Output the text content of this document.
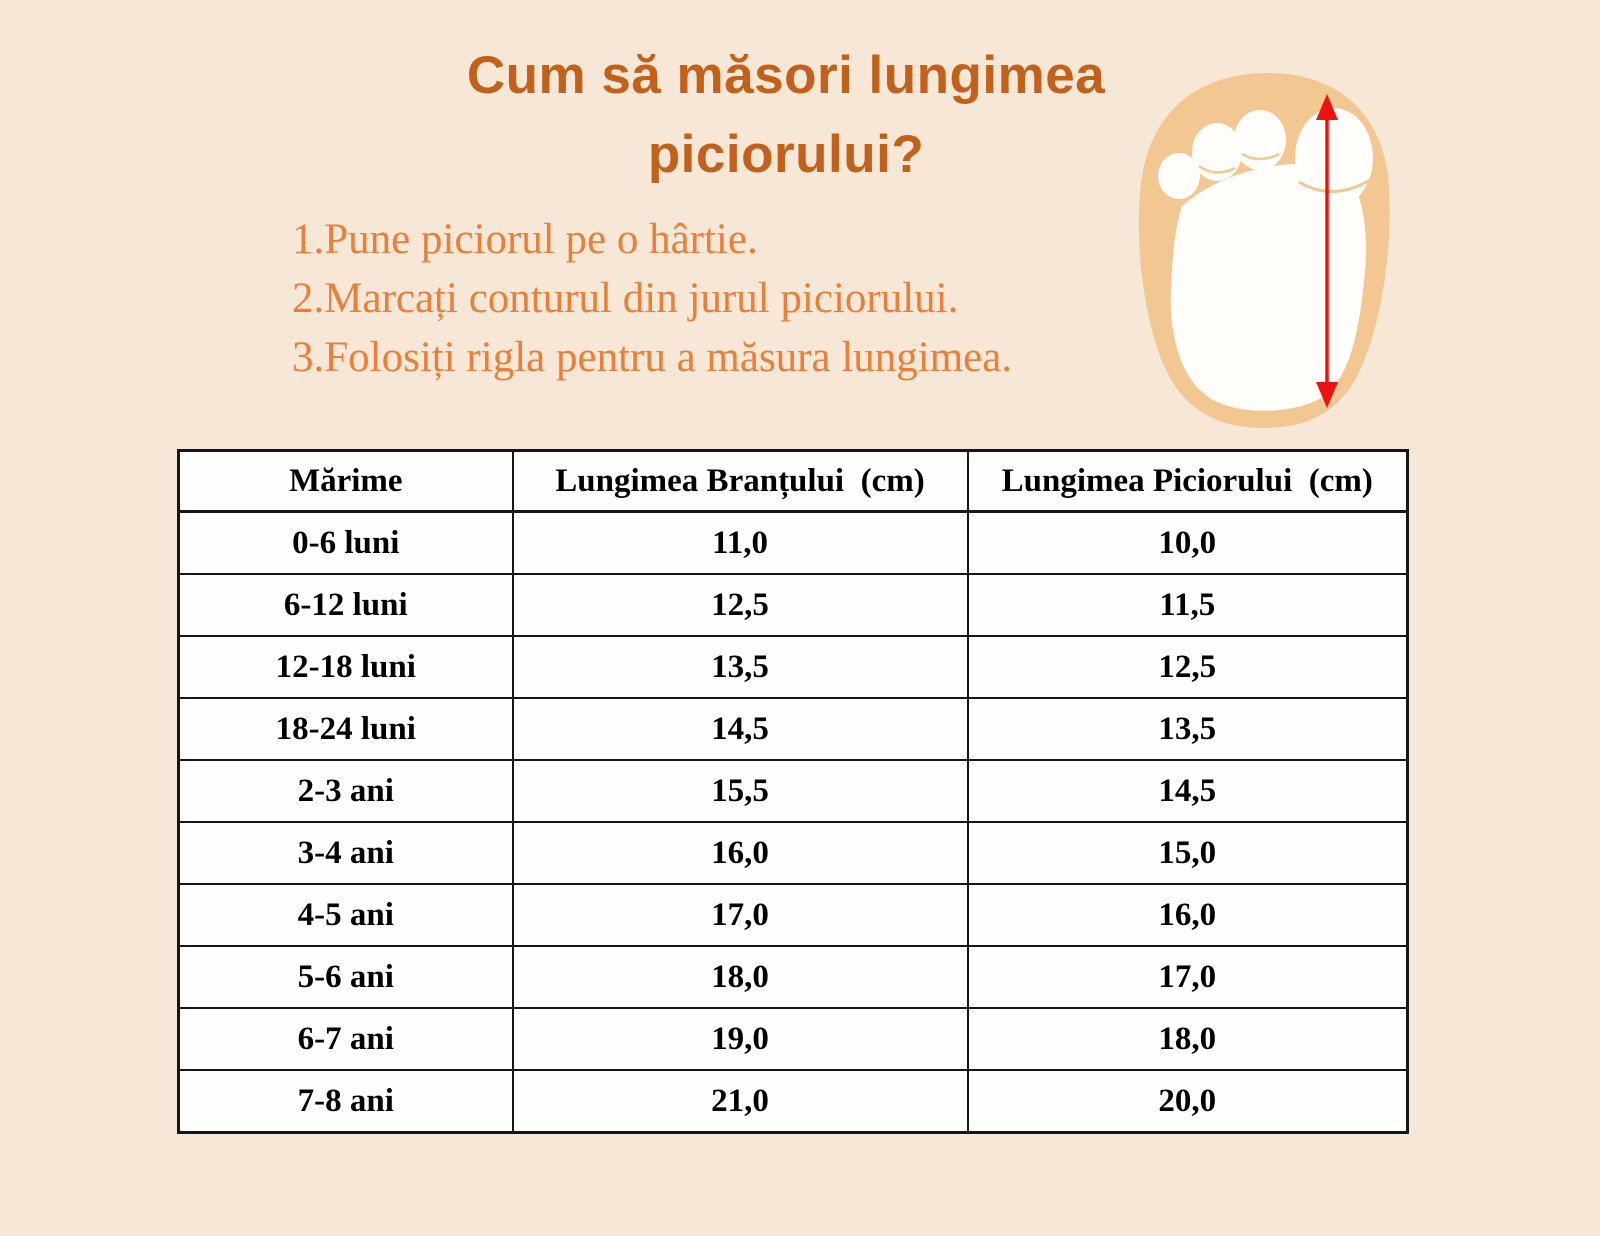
Cum să măsori lungimea
piciorului?
1.Pune piciorul pe o hârtie.
2.Marcați conturul din jurul piciorului.
3.Folosiți rigla pentru a măsura lungimea.
Mărime	Lungimea Branțului  (cm)	Lungimea Piciorului  (cm)
0-6 luni	11,0	10,0
6-12 luni	12,5	11,5
12-18 luni	13,5	12,5
18-24 luni	14,5	13,5
2-3 ani	15,5	14,5
3-4 ani	16,0	15,0
4-5 ani	17,0	16,0
5-6 ani	18,0	17,0
6-7 ani	19,0	18,0
7-8 ani	21,0	20,0
